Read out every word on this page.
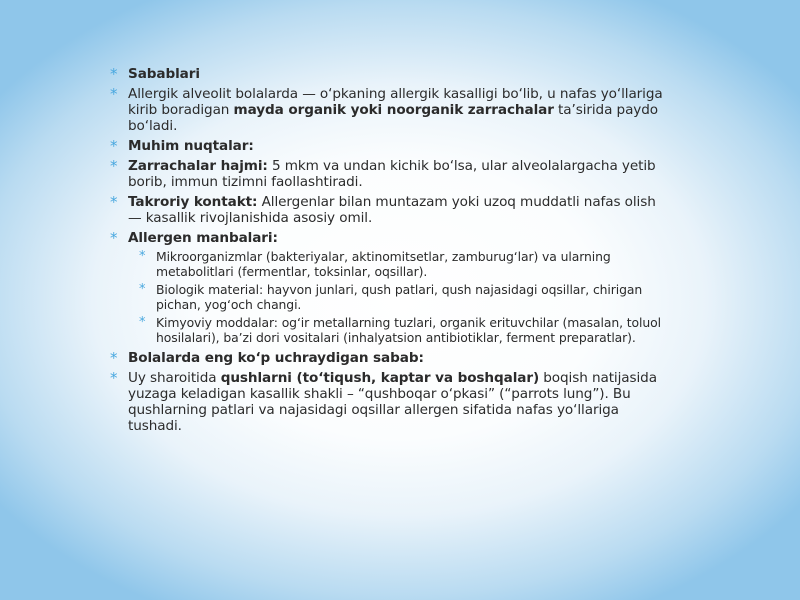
* Sabablari
* Allergik alveolit bolalarda — o‘pkaning allergik kasalligi bo‘lib, u nafas yo‘llariga kirib boradigan mayda organik yoki noorganik zarrachalar ta’sirida paydo bo‘ladi.
* Muhim nuqtalar:
* Zarrachalar hajmi: 5 mkm va undan kichik bo‘lsa, ular alveolalargacha yetib borib, immun tizimni faollashtiradi.
* Takroriy kontakt: Allergenlar bilan muntazam yoki uzoq muddatli nafas olish — kasallik rivojlanishida asosiy omil.
* Allergen manbalari:
* Mikroorganizmlar (bakteriyalar, aktinomitsetlar, zamburug‘lar) va ularning metabolitlari (fermentlar, toksinlar, oqsillar).
* Biologik material: hayvon junlari, qush patlari, qush najasidagi oqsillar, chirigan pichan, yog‘och changi.
* Kimyoviy moddalar: og‘ir metallarning tuzlari, organik erituvchilar (masalan, toluol hosilalari), ba’zi dori vositalari (inhalyatsion antibiotiklar, ferment preparatlar).
* Bolalarda eng ko‘p uchraydigan sabab:
* Uy sharoitida qushlarni (to‘tiqush, kaptar va boshqalar) boqish natijasida yuzaga keladigan kasallik shakli – “qushboqar o‘pkasi” (“parrots lung”). Bu qushlarning patlari va najasidagi oqsillar allergen sifatida nafas yo‘llariga tushadi.
